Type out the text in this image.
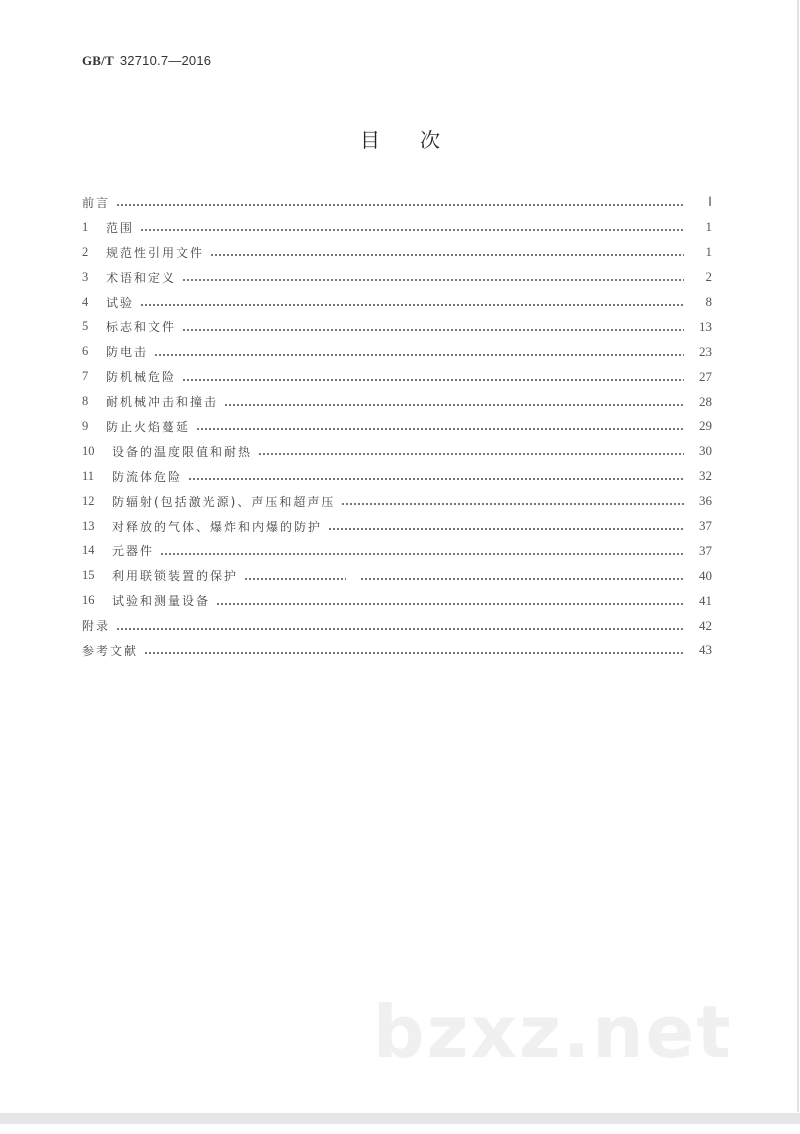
GB/T 32710.7—2016
目 次
前言	Ⅰ
1	范围	1
2	规范性引用文件	1
3	术语和定义	2
4	试验	8
5	标志和文件	13
6	防电击	23
7	防机械危险	27
8	耐机械冲击和撞击	28
9	防止火焰蔓延	29
10	设备的温度限值和耐热	30
11	防流体危险	32
12	防辐射(包括激光源)、声压和超声压	36
13	对释放的气体、爆炸和内爆的防护	37
14	元器件	37
15	利用联锁装置的保护	40
16	试验和测量设备	41
附录	42
参考文献	43
bzxz.net
